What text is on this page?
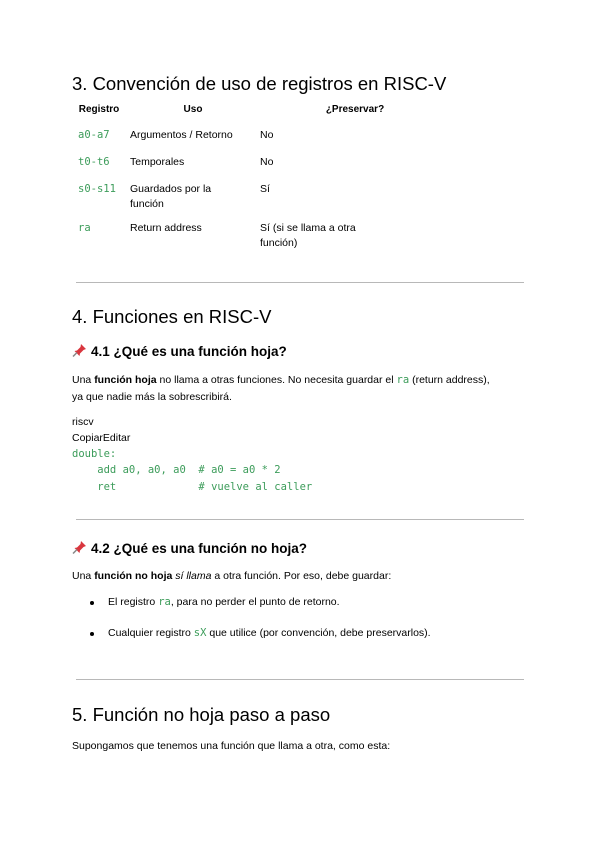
3. Convención de uso de registros en RISC-V
Registro	Uso	¿Preservar?
a0-a7	Argumentos / Retorno	No
t0-t6	Temporales	No
s0-s11	Guardados por la función	Sí
ra	Return address	Sí (si se llama a otra función)
4. Funciones en RISC-V
4.1 ¿Qué es una función hoja?

Una función hoja no llama a otras funciones. No necesita guardar el ra (return address),
ya que nadie más la sobrescribirá.

riscv

CopiarEditar

double:
add a0, a0, a0  # a0 = a0 * 2
ret             # vuelve al caller
4.2 ¿Qué es una función no hoja?

Una función no hoja sí llama a otra función. Por eso, debe guardar:

El registro ra, para no perder el punto de retorno.
Cualquier registro sX que utilice (por convención, debe preservarlos).
5. Función no hoja paso a paso

Supongamos que tenemos una función que llama a otra, como esta:
